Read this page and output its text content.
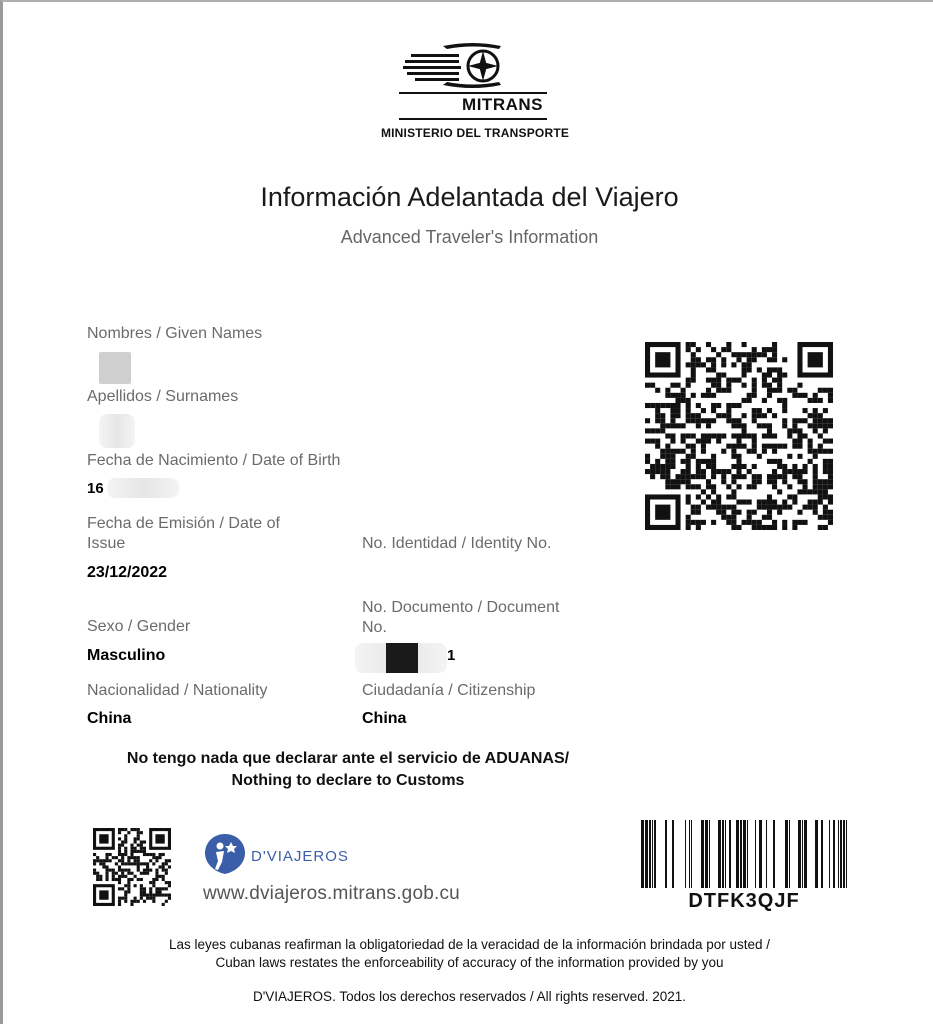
MITRANS
MINISTERIO DEL TRANSPORTE
Información Adelantada del Viajero
Advanced Traveler's Information
Nombres / Given Names
Apellidos / Surnames
Fecha de Nacimiento / Date of Birth
16
Fecha de Emisión / Date of
Issue
23/12/2022
Sexo / Gender
Masculino
Nacionalidad / Nationality
China
No. Identidad / Identity No.
No. Documento / Document
No.
1
Ciudadanía / Citizenship
China
No tengo nada que declarar ante el servicio de ADUANAS/
Nothing to declare to Customs
D'VIAJEROS
www.dviajeros.mitrans.gob.cu	DTFK3QJF
Las leyes cubanas reafirman la obligatoriedad de la veracidad de la información brindada por usted /
Cuban laws restates the enforceability of accuracy of the information provided by you
D'VIAJEROS. Todos los derechos reservados / All rights reserved. 2021.
